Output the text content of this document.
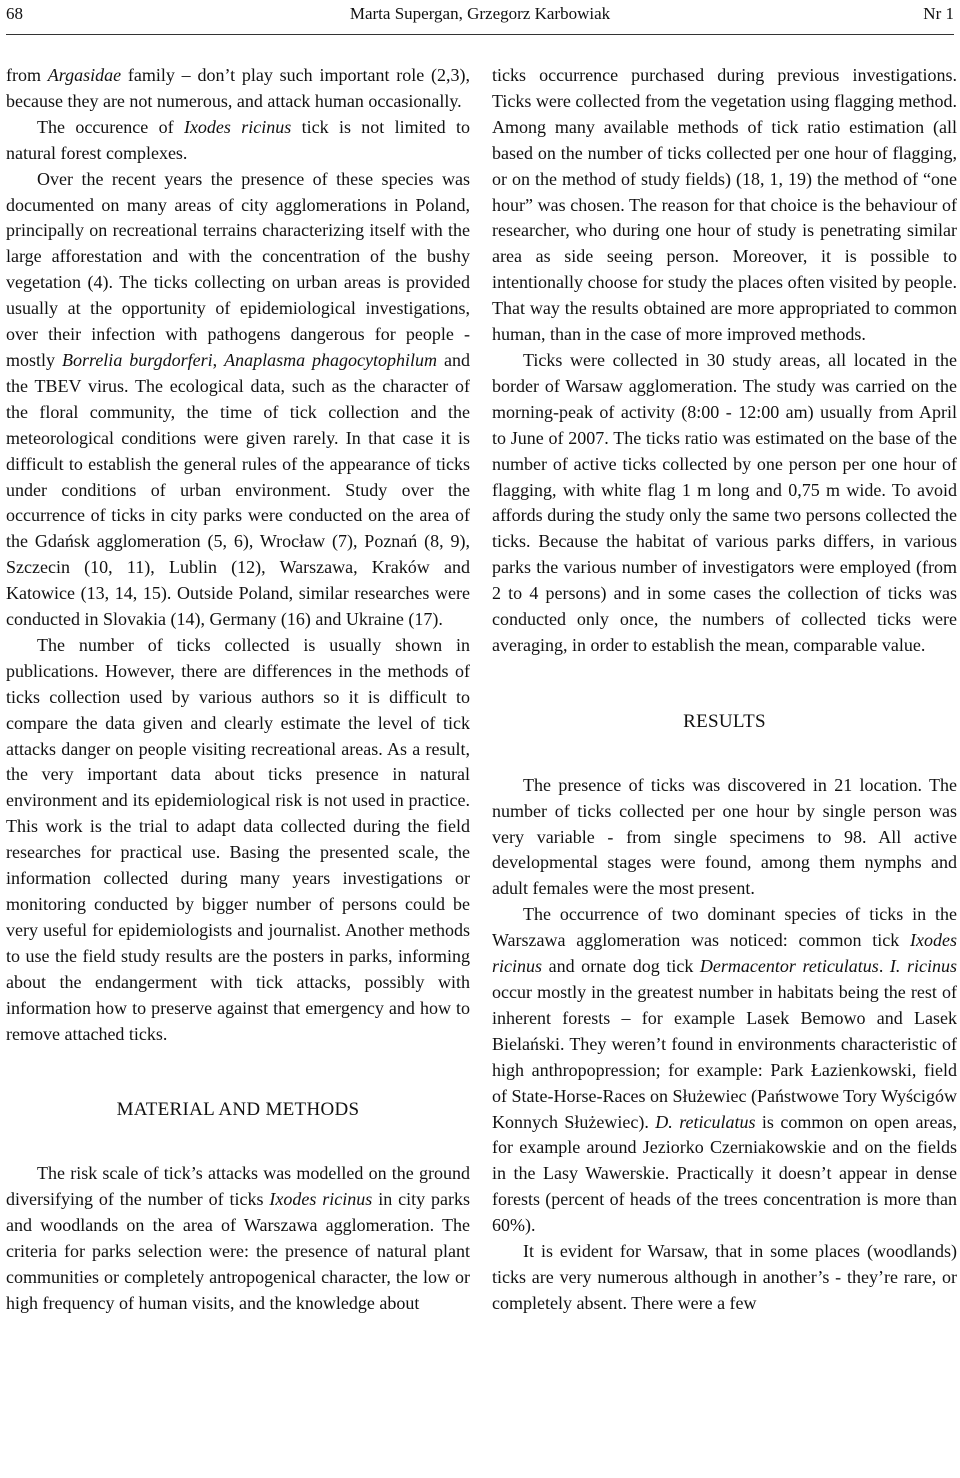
68	Marta Supergan, Grzegorz Karbowiak	Nr 1

from Argasidae family – don’t play such important role (2,3), because they are not numerous, and attack human occasionally.

The occurence of Ixodes ricinus tick is not limited to natural forest complexes.

Over the recent years the presence of these species was documented on many areas of city agglomerations in Poland, principally on recreational terrains characterizing itself with the large afforestation and with the concentration of the bushy vegetation (4). The ticks collecting on urban areas is provided usually at the opportunity of epidemiological investigations, over their infection with pathogens dangerous for people - mostly Borrelia burgdorferi, Anaplasma phagocytophilum and the TBEV virus. The ecological data, such as the character of the floral community, the time of tick collection and the meteorological conditions were given rarely. In that case it is difficult to establish the general rules of the appearance of ticks under conditions of urban environment. Study over the occurrence of ticks in city parks were conducted on the area of the Gdańsk agglomeration (5, 6), Wrocław (7), Poznań (8, 9), Szczecin (10, 11), Lublin (12), Warszawa, Kraków and Katowice (13, 14, 15). Outside Poland, similar researches were conducted in Slovakia (14), Germany (16) and Ukraine (17).

The number of ticks collected is usually shown in publications. However, there are differences in the methods of ticks collection used by various authors so it is difficult to compare the data given and clearly estimate the level of tick attacks danger on people visiting recreational areas. As a result, the very important data about ticks presence in natural environment and its epidemiological risk is not used in practice. This work is the trial to adapt data collected during the field researches for practical use. Basing the presented scale, the information collected during many years investigations or monitoring conducted by bigger number of persons could be very useful for epidemiologists and journalist. Another methods to use the field study results are the posters in parks, informing about the endangerment with tick attacks, possibly with information how to preserve against that emergency and how to remove attached ticks.

MATERIAL AND METHODS

The risk scale of tick’s attacks was modelled on the ground diversifying of the number of ticks Ixodes ricinus in city parks and woodlands on the area of Warszawa agglomeration. The criteria for parks selection were: the presence of natural plant communities or completely antropogenical character, the low or high frequency of human visits, and the knowledge about

ticks occurrence purchased during previous investigations. Ticks were collected from the vegetation using flagging method. Among many available methods of tick ratio estimation (all based on the number of ticks collected per one hour of flagging, or on the method of study fields) (18, 1, 19) the method of “one hour” was chosen. The reason for that choice is the behaviour of researcher, who during one hour of study is penetrating similar area as side seeing person. Moreover, it is possible to intentionally choose for study the places often visited by people. That way the results obtained are more appropriated to common human, than in the case of more improved methods.

Ticks were collected in 30 study areas, all located in the border of Warsaw agglomeration. The study was carried on the morning-peak of activity (8:00 - 12:00 am) usually from April to June of 2007. The ticks ratio was estimated on the base of the number of active ticks collected by one person per one hour of flagging, with white flag 1 m long and 0,75 m wide. To avoid affords during the study only the same two persons collected the ticks. Because the habitat of various parks differs, in various parks the various number of investigators were employed (from 2 to 4 persons) and in some cases the collection of ticks was conducted only once, the numbers of collected ticks were averaging, in order to establish the mean, comparable value.

RESULTS

The presence of ticks was discovered in 21 location. The number of ticks collected per one hour by single person was very variable - from single specimens to 98. All active developmental stages were found, among them nymphs and adult females were the most present.

The occurrence of two dominant species of ticks in the Warszawa agglomeration was noticed: common tick Ixodes ricinus and ornate dog tick Dermacentor reticulatus. I. ricinus occur mostly in the greatest number in habitats being the rest of inherent forests – for example Lasek Bemowo and Lasek Bielański. They weren’t found in environments characteristic of high anthropopression; for example: Park Łazienkowski, field of State-Horse-Races on Służewiec (Państwowe Tory Wyścigów Konnych Służewiec). D. reticulatus is common on open areas, for example around Jeziorko Czerniakowskie and on the fields in the Lasy Wawerskie. Practically it doesn’t appear in dense forests (percent of heads of the trees concentration is more than 60%).

It is evident for Warsaw, that in some places (woodlands) ticks are very numerous although in another’s - they’re rare, or completely absent. There were a few
